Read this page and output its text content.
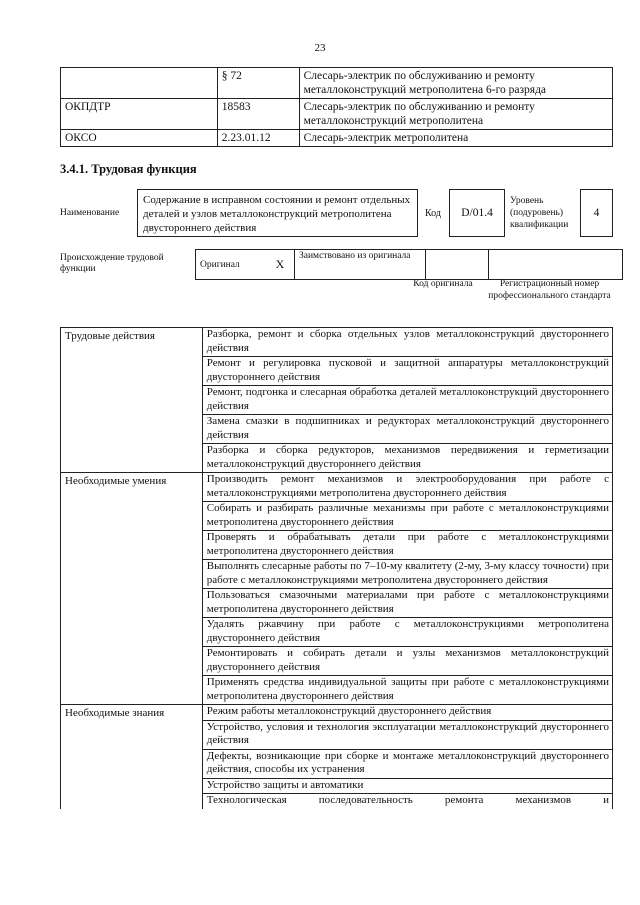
23
	§ 72	Слесарь-электрик по обслуживанию и ремонту металлоконструкций метрополитена 6-го разряда
ОКПДТР	18583	Слесарь-электрик по обслуживанию и ремонту металлоконструкций метрополитена
ОКСО	2.23.01.12	Слесарь-электрик метрополитена
3.4.1. Трудовая функция
Наименование
Содержание в исправном состоянии и ремонт отдельных деталей и узлов металлоконструкций метрополитена двустороннего действия
Код	D/01.4
Уровень (подуровень) квалификации
4
Происхождение трудовой функции	Оригинал	X	Заимствовано из оригинала		
Код оригинала	Регистрационный номер профессионального стандарта
Трудовые действия	Разборка, ремонт и сборка отдельных узлов металлоконструкций двустороннего действия
	Ремонт и регулировка пусковой и защитной аппаратуры металлоконструкций двустороннего действия
	Ремонт, подгонка и слесарная обработка деталей металлоконструкций двустороннего действия
	Замена смазки в подшипниках и редукторах металлоконструкций двустороннего действия
	Разборка и сборка редукторов, механизмов передвижения и герметизации металлоконструкций двустороннего действия
Необходимые умения	Производить ремонт механизмов и электрооборудования при работе с металлоконструкциями метрополитена двустороннего действия
	Собирать и разбирать различные механизмы при работе с металлоконструкциями метрополитена двустороннего действия
	Проверять и обрабатывать детали при работе с металлоконструкциями метрополитена двустороннего действия
	Выполнять слесарные работы по 7–10-му квалитету (2-му, 3-му классу точности) при работе с металлоконструкциями метрополитена двустороннего действия
	Пользоваться смазочными материалами при работе с металлоконструкциями метрополитена двустороннего действия
	Удалять ржавчину при работе с металлоконструкциями метрополитена двустороннего действия
	Ремонтировать и собирать детали и узлы механизмов металлоконструкций двустороннего действия
	Применять средства индивидуальной защиты при работе с металлоконструкциями метрополитена двустороннего действия
Необходимые знания	Режим работы металлоконструкций двустороннего действия
	Устройство, условия и технология эксплуатации металлоконструкций двустороннего действия
	Дефекты, возникающие при сборке и монтаже металлоконструкций двустороннего действия, способы их устранения
	Устройство защиты и автоматики
	Технологическая последовательность ремонта механизмов и
